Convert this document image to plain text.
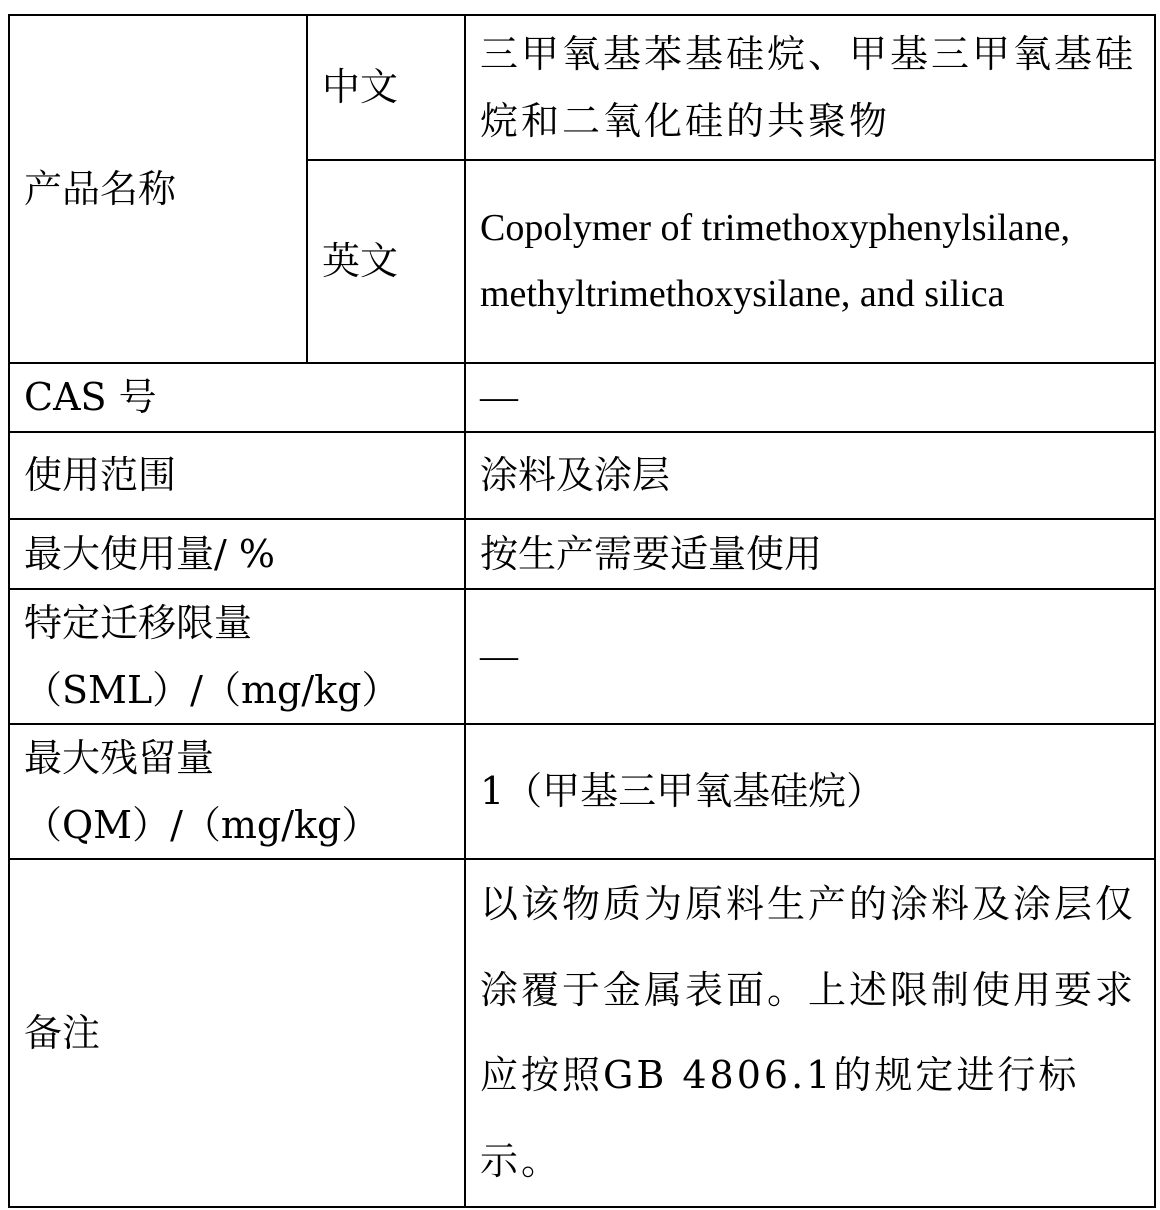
产品名称	中文	三甲氧基苯基硅烷、甲基三甲氧基硅烷和二氧化硅的共聚物
	英文	Copolymer of trimethoxyphenylsilane, methyltrimethoxysilane, and silica
CAS 号		—
使用范围		涂料及涂层
最大使用量/ %		按生产需要适量使用

特定迁移限量
（SML）/（mg/kg）		—

最大残留量
（QM）/（mg/kg）		1（甲基三甲氧基硅烷）
备注		以该物质为原料生产的涂料及涂层仅涂覆于金属表面。上述限制使用要求应按照GB 4806.1的规定进行标示。
